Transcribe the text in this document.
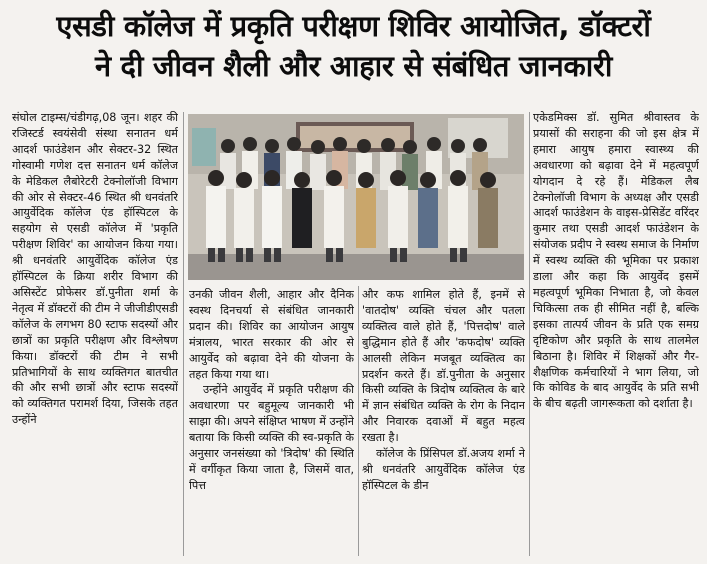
एसडी कॉलेज में प्रकृति परीक्षण शिविर आयोजित, डॉक्टरों
ने दी जीवन शैली और आहार से संबंधित जानकारी

संघोल टाइम्स/चंडीगढ़,08 जून। शहर की रजिस्टर्ड स्वयंसेवी संस्था सनातन धर्म आदर्श फाउंडेशन और सेक्टर-32 स्थित गोस्वामी गणेश दत्त सनातन धर्म कॉलेज के मेडिकल लैबोरेटरी टेक्नोलॉजी विभाग की ओर से सेक्टर-46 स्थित श्री धनवंतरि आयुर्वेदिक कॉलेज एंड हॉस्पिटल के सहयोग से एसडी कॉलेज में 'प्रकृति परीक्षण शिविर' का आयोजन किया गया। श्री धनवंतरि आयुर्वेदिक कॉलेज एंड हॉस्पिटल के क्रिया शरीर विभाग की असिस्टेंट प्रोफेसर डॉ.पुनीता शर्मा के नेतृत्व में डॉक्टरों की टीम ने जीजीडीएसडी कॉलेज के लगभग 80 स्टाफ सदस्यों और छात्रों का प्रकृति परीक्षण और विश्लेषण किया। डॉक्टरों की टीम ने सभी प्रतिभागियों के साथ व्यक्तिगत बातचीत की और सभी छात्रों और स्टाफ सदस्यों को व्यक्तिगत परामर्श दिया, जिसके तहत उन्होंने

उनकी जीवन शैली, आहार और दैनिक स्वस्थ दिनचर्या से संबंधित जानकारी प्रदान की। शिविर का आयोजन आयुष मंत्रालय, भारत सरकार की ओर से आयुर्वेद को बढ़ावा देने की योजना के तहत किया गया था।

उन्होंने आयुर्वेद में प्रकृति परीक्षण की अवधारणा पर बहुमूल्य जानकारी भी साझा की। अपने संक्षिप्त भाषण में उन्होंने बताया कि किसी व्यक्ति की स्व-प्रकृति के अनुसार जनसंख्या को 'त्रिदोष' की स्थिति में वर्गीकृत किया जाता है, जिसमें वात, पित्त

और कफ शामिल होते हैं, इनमें से 'वातदोष' व्यक्ति चंचल और पतला व्यक्तित्व वाले होते हैं, 'पित्तदोष' वाले बुद्धिमान होते हैं और 'कफदोष' व्यक्ति आलसी लेकिन मजबूत व्यक्तित्व का प्रदर्शन करते हैं। डॉ.पुनीता के अनुसार किसी व्यक्ति के त्रिदोष व्यक्तित्व के बारे में ज्ञान संबंधित व्यक्ति के रोग के निदान और निवारक दवाओं में बहुत महत्व रखता है।

कॉलेज के प्रिंसिपल डॉ.अजय शर्मा ने श्री धनवंतरि आयुर्वेदिक कॉलेज एंड हॉस्पिटल के डीन

एकेडमिक्स डॉ. सुमित श्रीवास्तव के प्रयासों की सराहना की जो इस क्षेत्र में हमारा आयुष हमारा स्वास्थ्य की अवधारणा को बढ़ावा देने में महत्वपूर्ण योगदान दे रहे हैं। मेडिकल लैब टेक्नोलॉजी विभाग के अध्यक्ष और एसडी आदर्श फाउंडेशन के वाइस-प्रेसिडेंट वरिंदर कुमार तथा एसडी आदर्श फाउंडेशन के संयोजक प्रदीप ने स्वस्थ समाज के निर्माण में स्वस्थ व्यक्ति की भूमिका पर प्रकाश डाला और कहा कि आयुर्वेद इसमें महत्वपूर्ण भूमिका निभाता है, जो केवल चिकित्सा तक ही सीमित नहीं है, बल्कि इसका तात्पर्य जीवन के प्रति एक समग्र दृष्टिकोण और प्रकृति के साथ तालमेल बिठाना है। शिविर में शिक्षकों और गैर-शैक्षणिक कर्मचारियों ने भाग लिया, जो कि कोविड के बाद आयुर्वेद के प्रति सभी के बीच बढ़ती जागरूकता को दर्शाता है।
